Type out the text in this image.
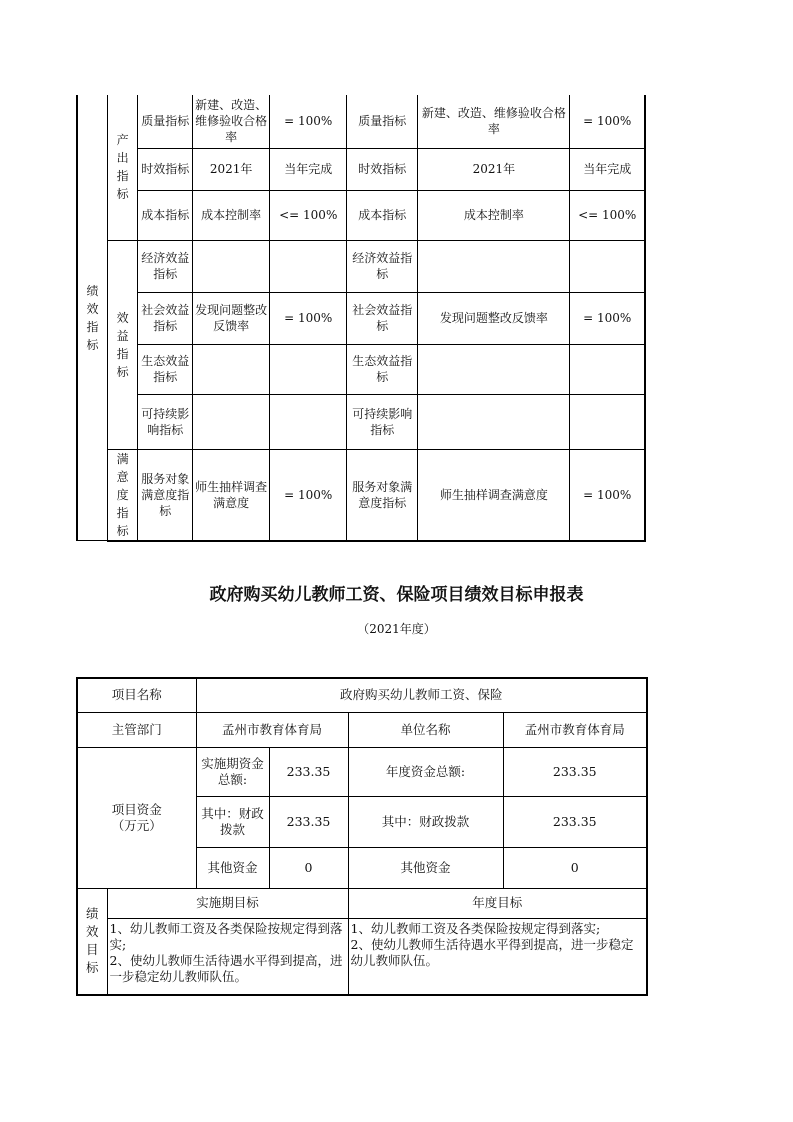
绩效指标	产出指标	质量指标	新建、改造、维修验收合格率	= 100%	质量指标	新建、改造、维修验收合格率	= 100%
		时效指标	2021年	当年完成	时效指标	2021年	当年完成
		成本指标	成本控制率	<= 100%	成本指标	成本控制率	<= 100%
	效益指标	经济效益指标			经济效益指标		
		社会效益指标	发现问题整改反馈率	= 100%	社会效益指标	发现问题整改反馈率	= 100%
		生态效益指标			生态效益指标		
		可持续影响指标			可持续影响指标		
	满意度指标	服务对象满意度指标	师生抽样调查满意度	= 100%	服务对象满意度指标	师生抽样调查满意度	= 100%
政府购买幼儿教师工资、保险项目绩效目标申报表
（2021年度）
项目名称		政府购买幼儿教师工资、保险			
主管部门		孟州市教育体育局		单位名称	孟州市教育体育局

项目资金（万元）		实施期资金总额:	233.35	年度资金总额:	233.35

		其中：财政拨款	233.35	其中：财政拨款	233.35
		其他资金	0	其他资金	0
绩效目标	实施期目标			年度目标	

	1、幼儿教师工资及各类保险按规定得到落实;
2、使幼儿教师生活待遇水平得到提高，进一步稳定幼儿教师队伍。			1、幼儿教师工资及各类保险按规定得到落实;
2、使幼儿教师生活待遇水平得到提高，进一步稳定幼儿教师队伍。	
